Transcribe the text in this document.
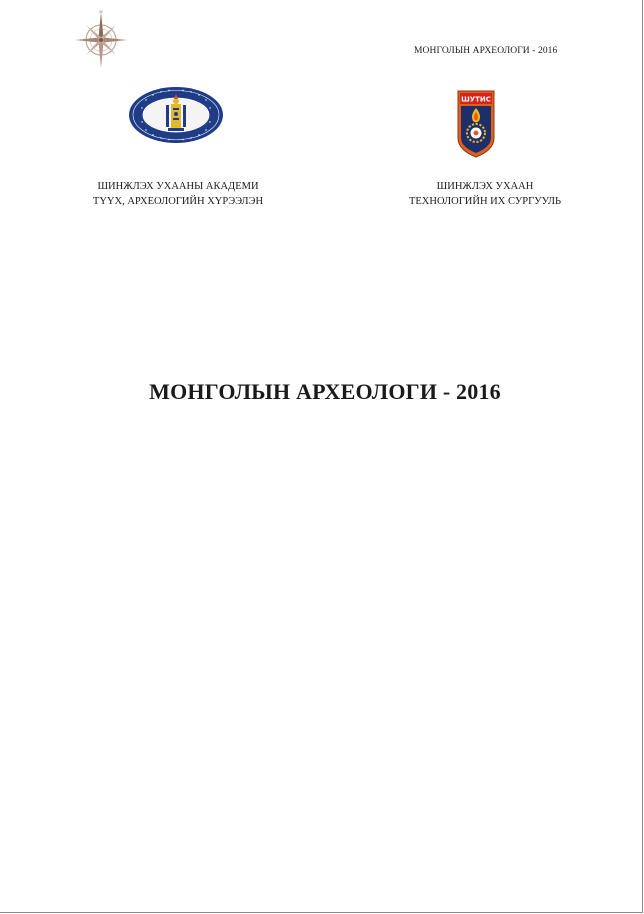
N
МОНГОЛЫН АРХЕОЛОГИ - 2016
ШУТИС
ШИНЖЛЭХ УХААНЫ АКАДЕМИ
ТҮҮХ, АРХЕОЛОГИЙН ХҮРЭЭЛЭН
ШИНЖЛЭХ УХААН
ТЕХНОЛОГИЙН ИХ СУРГУУЛЬ
МОНГОЛЫН АРХЕОЛОГИ - 2016
